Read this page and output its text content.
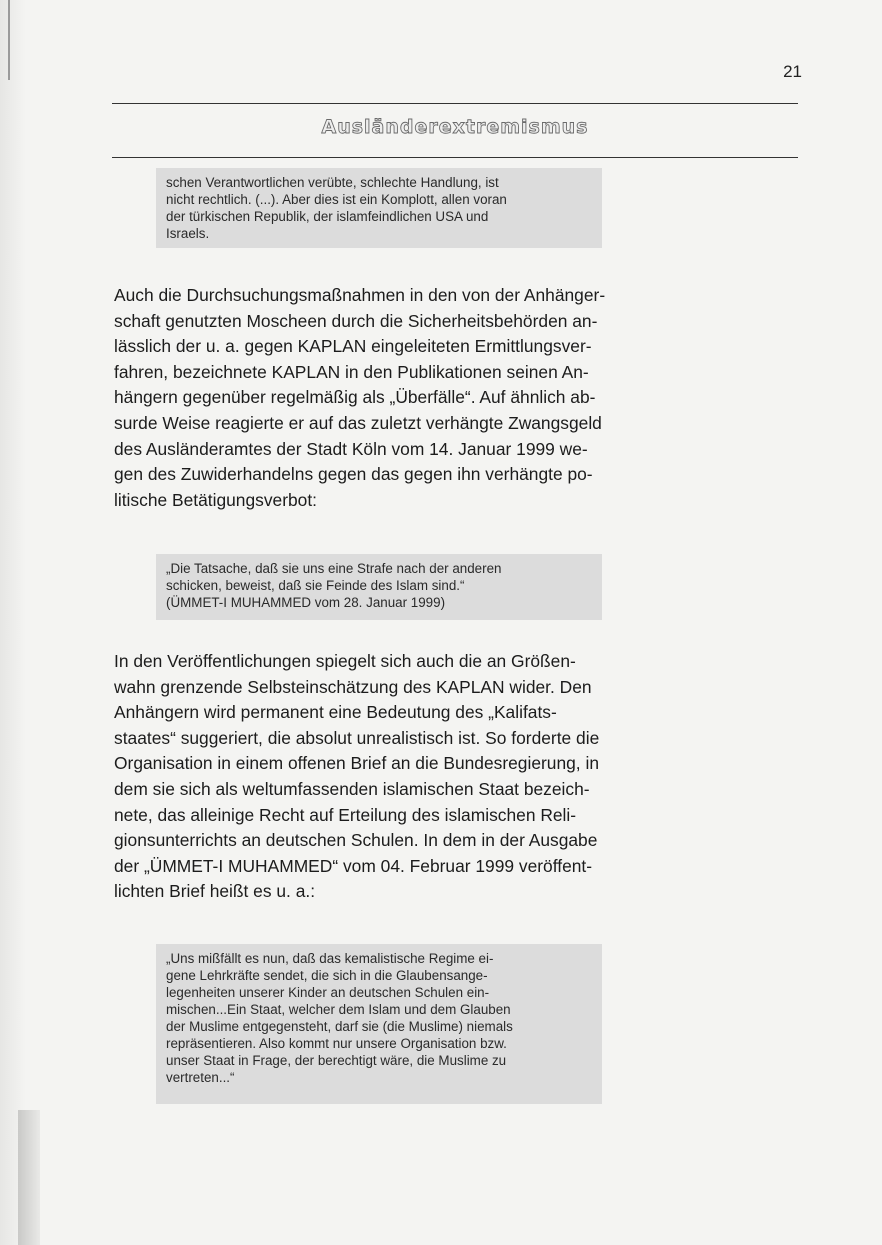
21
Ausländerextremismus

schen Verantwortlichen verübte, schlechte Handlung, ist

nicht rechtlich. (...). Aber dies ist ein Komplott, allen voran

der türkischen Republik, der islamfeindlichen USA und

Israels.

Auch die Durchsuchungsmaßnahmen in den von der Anhänger-

schaft genutzten Moscheen durch die Sicherheitsbehörden an-

lässlich der u. a. gegen KAPLAN eingeleiteten Ermittlungsver-

fahren, bezeichnete KAPLAN in den Publikationen seinen An-

hängern gegenüber regelmäßig als „Überfälle“. Auf ähnlich ab-

surde Weise reagierte er auf das zuletzt verhängte Zwangsgeld

des Ausländeramtes der Stadt Köln vom 14. Januar 1999 we-

gen des Zuwiderhandelns gegen das gegen ihn verhängte po-

litische Betätigungsverbot:

„Die Tatsache, daß sie uns eine Strafe nach der anderen

schicken, beweist, daß sie Feinde des Islam sind.“

(ÜMMET-I MUHAMMED vom 28. Januar 1999)

In den Veröffentlichungen spiegelt sich auch die an Größen-

wahn grenzende Selbsteinschätzung des KAPLAN wider. Den

Anhängern wird permanent eine Bedeutung des „Kalifats-

staates“ suggeriert, die absolut unrealistisch ist. So forderte die

Organisation in einem offenen Brief an die Bundesregierung, in

dem sie sich als weltumfassenden islamischen Staat bezeich-

nete, das alleinige Recht auf Erteilung des islamischen Reli-

gionsunterrichts an deutschen Schulen. In dem in der Ausgabe

der „ÜMMET-I MUHAMMED“ vom 04. Februar 1999 veröffent-

lichten Brief heißt es u. a.:

„Uns mißfällt es nun, daß das kemalistische Regime ei-

gene Lehrkräfte sendet, die sich in die Glaubensange-

legenheiten unserer Kinder an deutschen Schulen ein-

mischen...Ein Staat, welcher dem Islam und dem Glauben

der Muslime entgegensteht, darf sie (die Muslime) niemals

repräsentieren. Also kommt nur unsere Organisation bzw.

unser Staat in Frage, der berechtigt wäre, die Muslime zu

vertreten...“
